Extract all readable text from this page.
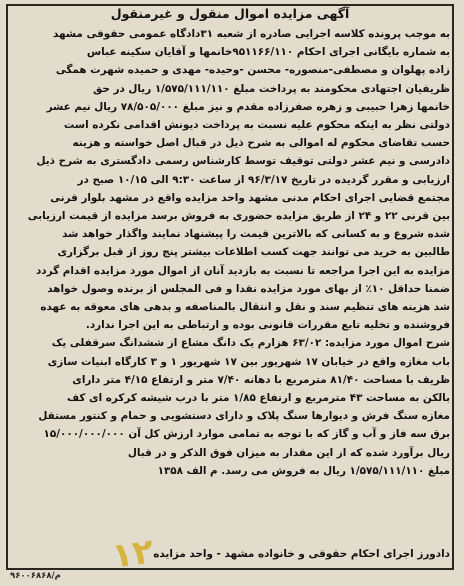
آگهی مزایده اموال منقول و غیرمنقول
به موجب پرونده کلاسه اجرایی صادره از شعبه ۳۱دادگاه عمومی حقوقی مشهد
به شماره بایگانی اجرای احکام ۹۵۱۱۶۶/۱۱۰خانمها و آقایان سکینه عباس
زاده پهلوان و مصطفی-منصوره- محسن -وحیده- مهدی و حمیده شهرت همگی
ظریفیان اجتهادی محکومند به پرداخت مبلغ ۱/۵۷۵/۱۱۱/۱۱۰ ریال در حق
خانمها زهرا حبیبی و زهره صفرزاده مقدم و نیز مبلغ ۷۸/۵۰۵/۰۰۰ ریال نیم عشر
دولتی نظر به اینکه محکوم علیه نسبت به پرداخت دیونش اقدامی نکرده است
حسب تقاضای محکوم له اموالی به شرح ذیل در قبال اصل خواسته و هزینه
دادرسی و نیم عشر دولتی توقیف توسط کارشناس رسمی دادگستری به شرح ذیل
ارزیابی و مقرر گردیده در تاریخ ۹۶/۳/۱۷ از ساعت ۹:۳۰ الی ۱۰/۱۵ صبح در
مجتمع قضایی اجرای احکام مدنی مشهد واحد مزایده واقع در مشهد بلوار قرنی
بین قرنی ۲۲ و ۲۴ از طریق مزایده حضوری به فروش برسد مزایده از قیمت ارزیابی
شده شروع و به کسانی که بالاترین قیمت را پیشنهاد نمایند واگذار خواهد شد
طالبین به خرید می توانند جهت کسب اطلاعات بیشتر پنج روز از قبل برگزاری
مزایده به این اجرا مراجعه تا نسبت به بازدید آنان از اموال مورد مزایده اقدام گردد
ضمنا حداقل ۱۰٪ از بهای مورد مزایده نقدا و فی المجلس از برنده وصول خواهد
شد هزینه های تنظیم سند و نقل و انتقال بالمناصفه و بدهی های معوقه به عهده
فروشنده و تخلیه تابع مقررات قانونی بوده و ارتباطی به این اجرا ندارد.
شرح اموال مورد مزایده: ۶۳/۰۲ هزارم یک دانگ مشاع از ششدانگ سرقفلی یک
باب مغازه واقع در خیابان ۱۷ شهریور بین ۱۷ شهریور ۱ و ۳ کارگاه ابنیات سازی
ظریف با مساحت ۸۱/۴۰ مترمربع با دهانه ۷/۴۰ متر و ارتفاع ۴/۱۵ متر دارای
بالکن به مساحت ۴۳ مترمربع و ارتفاع ۱/۸۵ متر با درب شیشه کرکره ای کف
مغازه سنگ فرش و دیوارها سنگ پلاک و دارای دستشویی و حمام و کنتور مستقل
برق سه فاز و آب و گاز که با توجه به تمامی موارد ارزش کل آن ۱۵/۰۰۰/۰۰۰/۰۰۰
ریال برآورد شده که از این مقدار به میزان فوق الذکر و در قبال
مبلغ ۱/۵۷۵/۱۱۱/۱۱۰ ریال به فروش می رسد. م الف ۱۳۵۸
دادورز اجرای احکام حقوقی و خانواده مشهد - واحد مزایده
۱۲
م/۹۶۰۰۶۸۶۸
